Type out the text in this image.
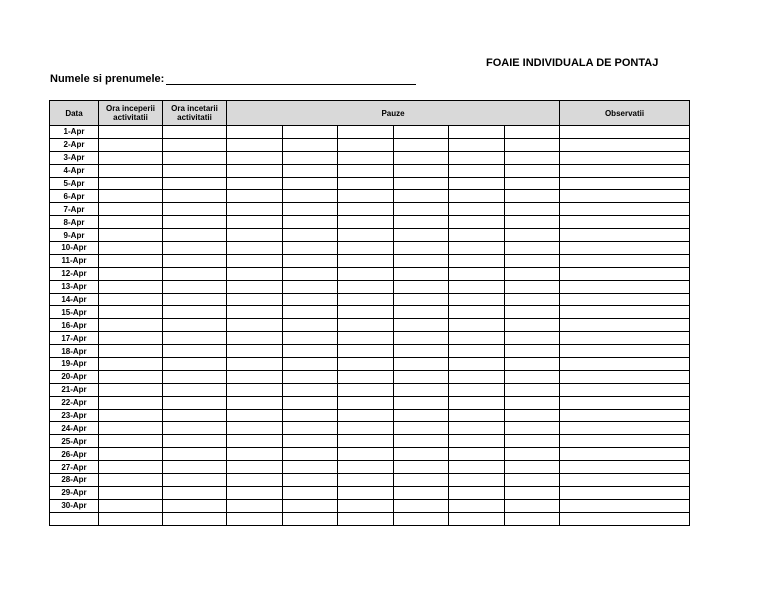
FOAIE INDIVIDUALA DE PONTAJ
Numele si prenumele:
Data	Ora inceperii activitatii	Ora incetarii activitatii	Pauze						Observatii
1-Apr									
2-Apr									
3-Apr									
4-Apr									
5-Apr									
6-Apr									
7-Apr									
8-Apr									
9-Apr									
10-Apr									
11-Apr									
12-Apr									
13-Apr									
14-Apr									
15-Apr									
16-Apr									
17-Apr									
18-Apr									
19-Apr									
20-Apr									
21-Apr									
22-Apr									
23-Apr									
24-Apr									
25-Apr									
26-Apr									
27-Apr									
28-Apr									
29-Apr									
30-Apr									
